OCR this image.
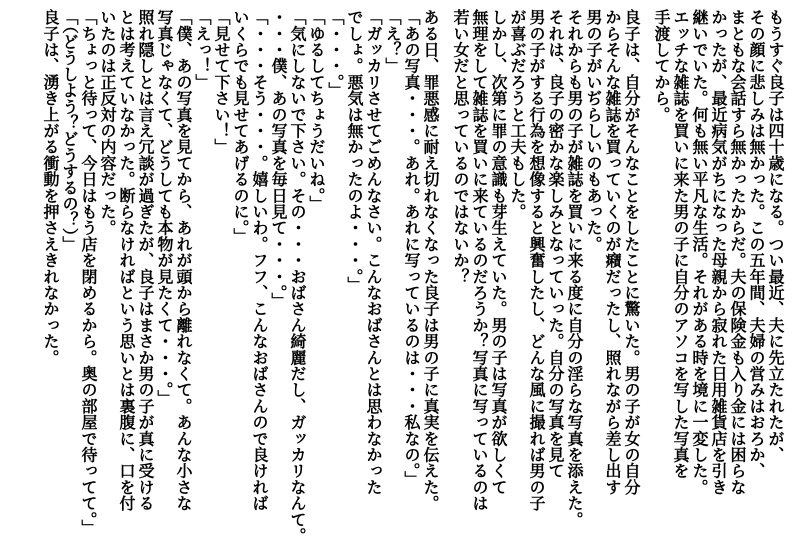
もうすぐ良子は四十歳になる。つい最近、夫に先立たれたが、
その顔に悲しみは無かった。この五年間、夫婦の営みはおろか、
まともな会話すら無かったからだ。夫の保険金も入り金には困らな
かったが、最近病気がちになった母親から寂れた日用雑貨店を引き
継いでいた。何も無い平凡な生活。それがある時を境に一変した。
エッチな雑誌を買いに来た男の子に自分のアソコを写した写真を
手渡してから。
良子は、自分がそんなことをしたことに驚いた。男の子が女の自分
からそんな雑誌を買っていくのが癪だったし、照れながら差し出す
男の子がいぢらしいのもあった。
それからも男の子が雑誌を買いに来る度に自分の淫らな写真を添えた。
それは、良子の密かな楽しみとなっていった。自分の写真を見て
男の子がする行為を想像すると興奮したし、どんな風に撮れば男の子
が喜ぶだろうと工夫もした。
しかし、次第に罪の意識も芽生えていた。男の子は写真が欲しくて
無理をして雑誌を買いに来ているのだろうか？写真に写っているのは
若い女だと思っているのではないか？
ある日、罪悪感に耐え切れなくなった良子は男の子に真実を伝えた。
「あの写真・・・。あれ。あれに写っているのは・・・私なの。」
「え？」
「ガッカリさせてごめんなさい。こんなおばさんとは思わなかった
でしょ。悪気は無かったのよ・・・。」
「・・・。」
「ゆるしてちょうだいね。」
「気にしないで下さい。その・・・おばさん綺麗だし、ガッカリなんて。
・・・僕、あの写真を毎日見て・・・。」
「・・・そう・・・。嬉しいわ。フフ、こんなおばさんので良ければ
いくらでも見せてあげるのに。」
「見せて下さい！」
「えっ！」
「僕、あの写真を見てから、あれが頭から離れなくて。あんな小さな
写真じゃなくて、どうしても本物が見たくて・・・。」
照れ隠しとは言え冗談が過ぎたが、良子はまさか男の子が真に受ける
とは考えていなかった。断らなければという思いとは裏腹に、口を付
いたのは正反対の内容だった。
「ちょっと待って、今日はもう店を閉めるから。奥の部屋で待ってて。」
「（どうしよう？どうするの？）」
良子は、湧き上がる衝動を押さえきれなかった。
